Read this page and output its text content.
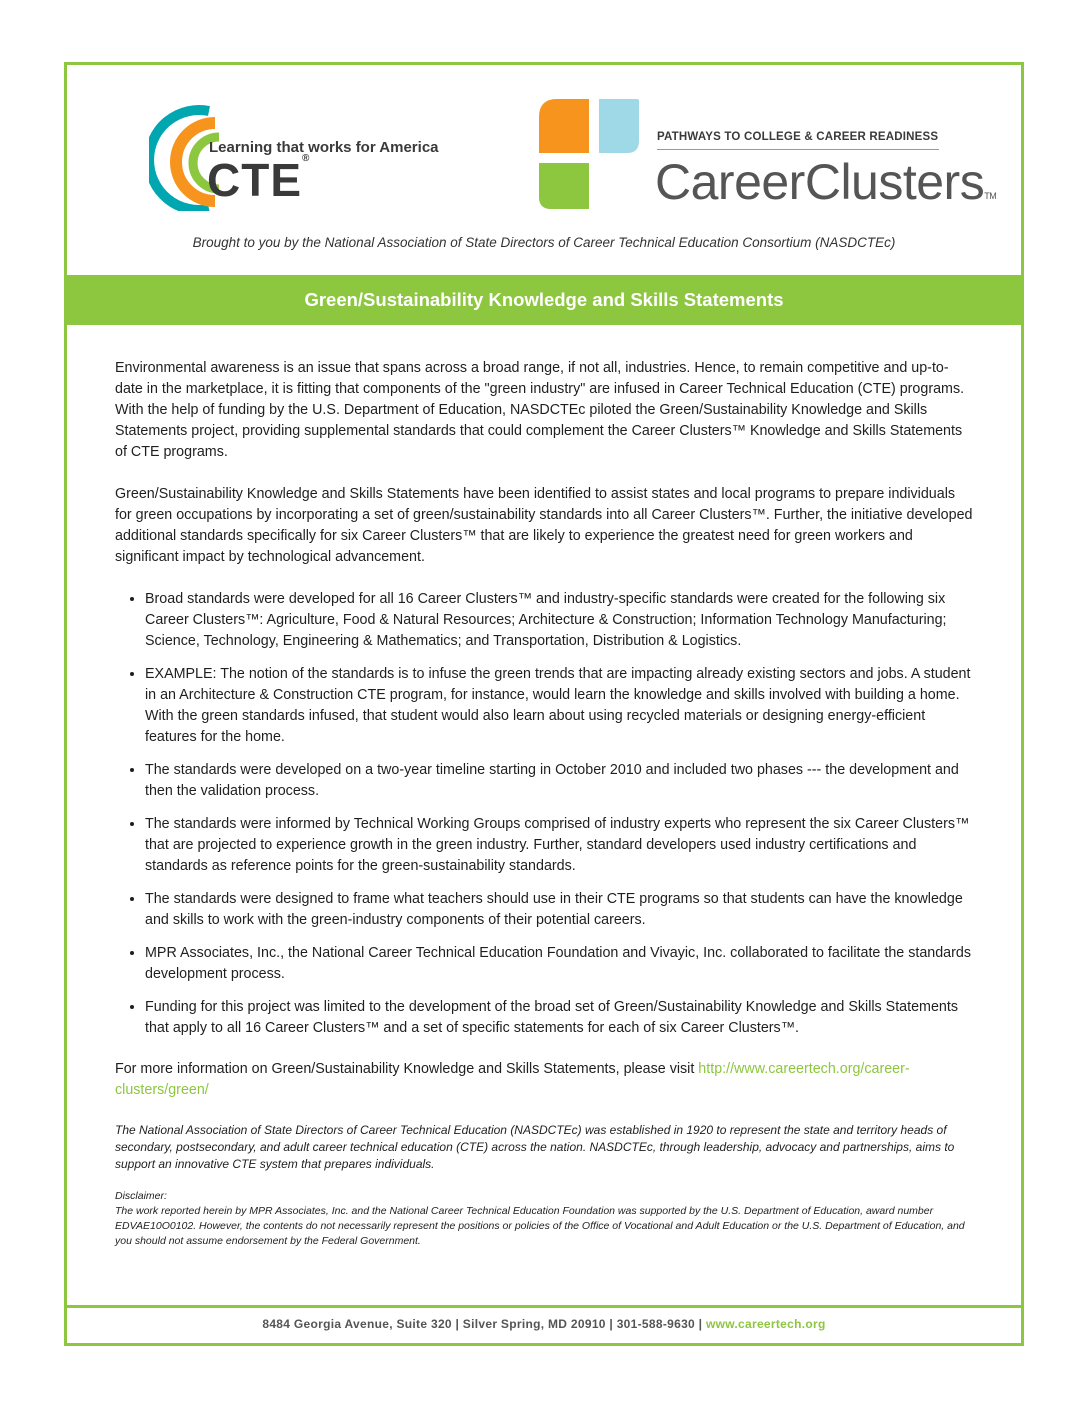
Learning that works for America
CTE®
PATHWAYS TO COLLEGE & CAREER READINESS
CareerClustersTM
Brought to you by the National Association of State Directors of Career Technical Education Consortium (NASDCTEc)
Green/Sustainability Knowledge and Skills Statements

Environmental awareness is an issue that spans across a broad range, if not all, industries. Hence, to remain competitive and up-to-date in the marketplace, it is fitting that components of the "green industry" are infused in Career Technical Education (CTE) programs. With the help of funding by the U.S. Department of Education, NASDCTEc piloted the Green/Sustainability Knowledge and Skills Statements project, providing supplemental standards that could complement the Career Clusters™ Knowledge and Skills Statements of CTE programs.

Green/Sustainability Knowledge and Skills Statements have been identified to assist states and local programs to prepare individuals for green occupations by incorporating a set of green/sustainability standards into all Career Clusters™. Further, the initiative developed additional standards specifically for six Career Clusters™ that are likely to experience the greatest need for green workers and significant impact by technological advancement.

• Broad standards were developed for all 16 Career Clusters™ and industry-specific standards were created for the following six Career Clusters™: Agriculture, Food & Natural Resources; Architecture & Construction; Information Technology Manufacturing; Science, Technology, Engineering & Mathematics; and Transportation, Distribution & Logistics.
• EXAMPLE: The notion of the standards is to infuse the green trends that are impacting already existing sectors and jobs. A student in an Architecture & Construction CTE program, for instance, would learn the knowledge and skills involved with building a home. With the green standards infused, that student would also learn about using recycled materials or designing energy-efficient features for the home.
• The standards were developed on a two-year timeline starting in October 2010 and included two phases --- the development and then the validation process.
• The standards were informed by Technical Working Groups comprised of industry experts who represent the six Career Clusters™ that are projected to experience growth in the green industry. Further, standard developers used industry certifications and standards as reference points for the green-sustainability standards.
• The standards were designed to frame what teachers should use in their CTE programs so that students can have the knowledge and skills to work with the green-industry components of their potential careers.
• MPR Associates, Inc., the National Career Technical Education Foundation and Vivayic, Inc. collaborated to facilitate the standards development process.
• Funding for this project was limited to the development of the broad set of Green/Sustainability Knowledge and Skills Statements that apply to all 16 Career Clusters™ and a set of specific statements for each of six Career Clusters™.

For more information on Green/Sustainability Knowledge and Skills Statements, please visit http://www.careertech.org/career-clusters/green/

The National Association of State Directors of Career Technical Education (NASDCTEc) was established in 1920 to represent the state and territory heads of secondary, postsecondary, and adult career technical education (CTE) across the nation. NASDCTEc, through leadership, advocacy and partnerships, aims to support an innovative CTE system that prepares individuals.

Disclaimer:

The work reported herein by MPR Associates, Inc. and the National Career Technical Education Foundation was supported by the U.S. Department of Education, award number EDVAE10O0102. However, the contents do not necessarily represent the positions or policies of the Office of Vocational and Adult Education or the U.S. Department of Education, and you should not assume endorsement by the Federal Government.

8484 Georgia Avenue, Suite 320 | Silver Spring, MD 20910 | 301-588-9630 | www.careertech.org
